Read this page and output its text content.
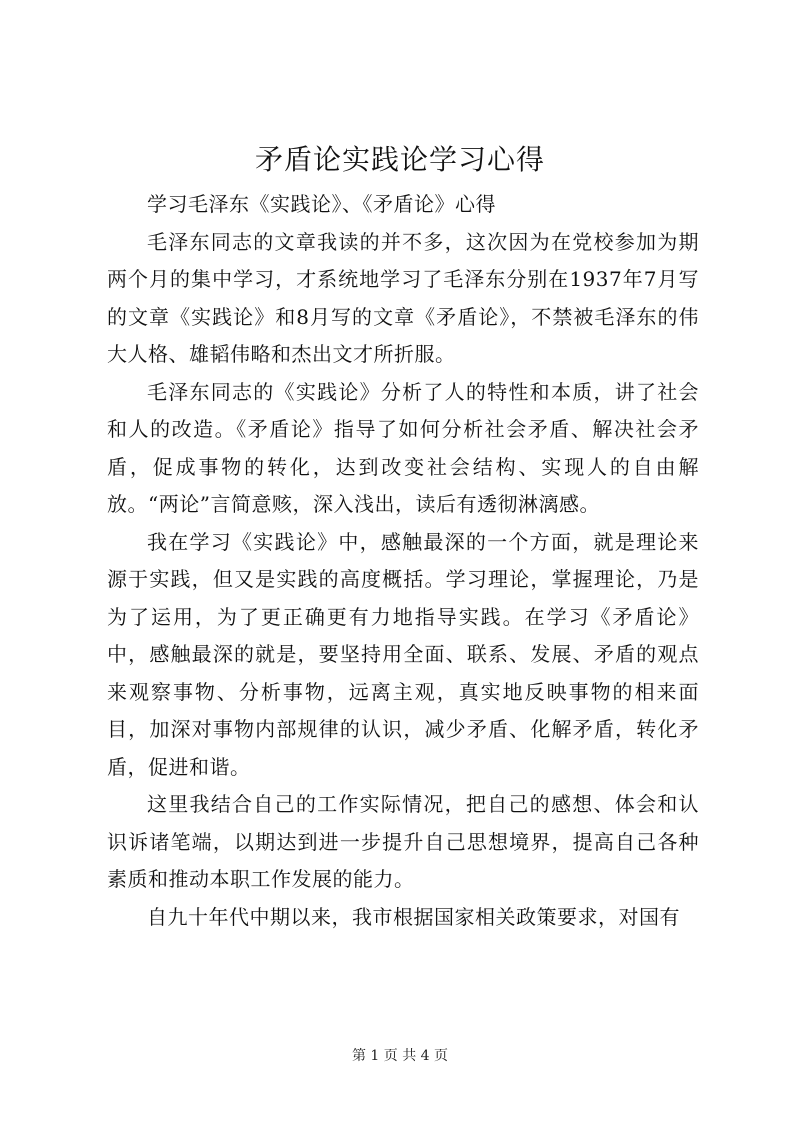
矛盾论实践论学习心得

学习毛泽东《实践论》、《矛盾论》心得

毛泽东同志的文章我读的并不多，这次因为在党校参加为期两个月的集中学习，才系统地学习了毛泽东分别在1937年7月写的文章《实践论》和8月写的文章《矛盾论》，不禁被毛泽东的伟大人格、雄韬伟略和杰出文才所折服。

毛泽东同志的《实践论》分析了人的特性和本质，讲了社会和人的改造。《矛盾论》指导了如何分析社会矛盾、解决社会矛盾，促成事物的转化，达到改变社会结构、实现人的自由解放。“两论”言简意赅，深入浅出，读后有透彻淋漓感。

我在学习《实践论》中，感触最深的一个方面，就是理论来源于实践，但又是实践的高度概括。学习理论，掌握理论，乃是为了运用，为了更正确更有力地指导实践。在学习《矛盾论》中，感触最深的就是，要坚持用全面、联系、发展、矛盾的观点来观察事物、分析事物，远离主观，真实地反映事物的相来面目，加深对事物内部规律的认识，减少矛盾、化解矛盾，转化矛盾，促进和谐。

这里我结合自己的工作实际情况，把自己的感想、体会和认识诉诸笔端，以期达到进一步提升自己思想境界，提高自己各种素质和推动本职工作发展的能力。

自九十年代中期以来，我市根据国家相关政策要求，对国有

第 1 页 共 4 页
